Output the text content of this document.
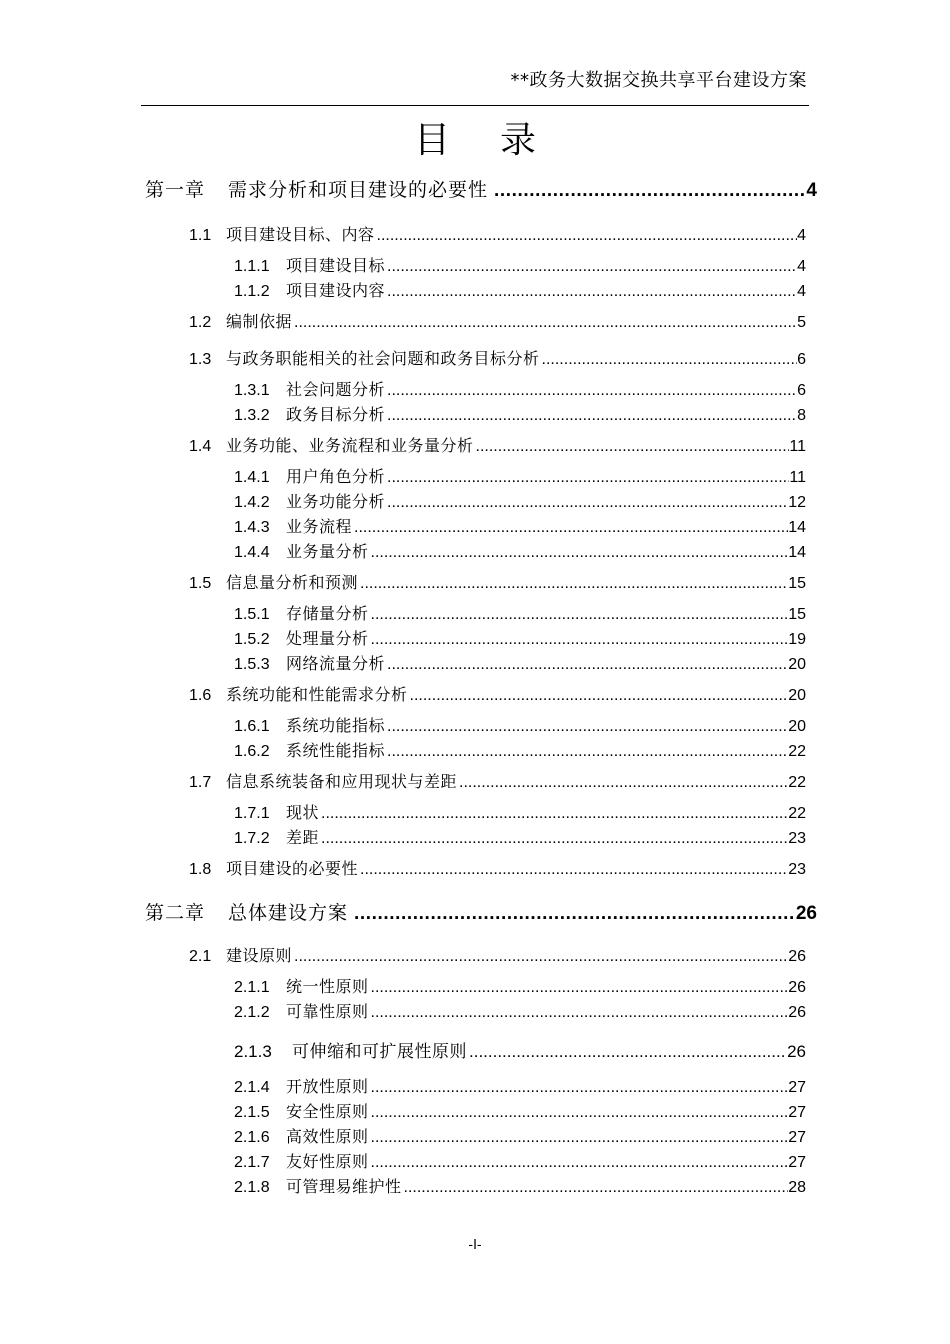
**政务大数据交换共享平台建设方案
目录
第一章	需求分析和项目建设的必要性 .....	4
1.1 项目建设目标、内容 .....	4
1.1.1	项目建设目标 .....	4
1.1.2	项目建设内容 .....	4
1.2 编制依据 .....	5
1.3 与政务职能相关的社会问题和政务目标分析 .....	6
1.3.1	社会问题分析 .....	6
1.3.2	政务目标分析 .....	8
1.4 业务功能、业务流程和业务量分析 .....	11
1.4.1	用户角色分析 .....	11
1.4.2	业务功能分析 .....	12
1.4.3	业务流程 .....	14
1.4.4	业务量分析 .....	14
1.5 信息量分析和预测 .....	15
1.5.1	存储量分析 .....	15
1.5.2	处理量分析 .....	19
1.5.3	网络流量分析 .....	20
1.6 系统功能和性能需求分析 .....	20
1.6.1	系统功能指标 .....	20
1.6.2	系统性能指标 .....	22
1.7 信息系统装备和应用现状与差距 .....	22
1.7.1	现状 .....	22
1.7.2	差距 .....	23
1.8 项目建设的必要性 .....	23
第二章	总体建设方案 .....	26
2.1 建设原则 .....	26
2.1.1	统一性原则 .....	26
2.1.2	可靠性原则 .....	26
2.1.3	可伸缩和可扩展性原则 .....	26
2.1.4	开放性原则 .....	27
2.1.5	安全性原则 .....	27
2.1.6	高效性原则 .....	27
2.1.7	友好性原则 .....	27
2.1.8	可管理易维护性 .....	28
-I-
